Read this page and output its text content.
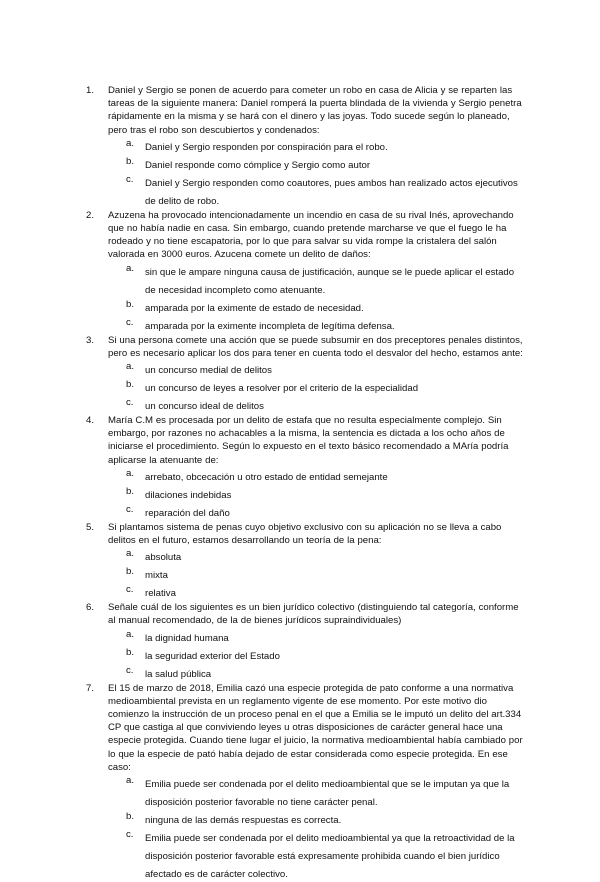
1.	Daniel y Sergio se ponen de acuerdo para cometer un robo en casa de Alicia y se reparten las tareas de la siguiente manera: Daniel romperá la puerta blindada de la vivienda y Sergio penetra rápidamente en la misma y se hará con el dinero y las joyas. Todo sucede según lo planeado, pero tras el robo son descubiertos y condenados:
a.	Daniel y Sergio responden por conspiración para el robo.
b.	Daniel responde como cómplice y Sergio como autor
c.	Daniel y Sergio responden como coautores, pues ambos han realizado actos ejecutivos de delito de robo.
2.	Azuzena ha provocado intencionadamente un incendio en casa de su rival Inés, aprovechando que no había nadie en casa. Sin embargo, cuando pretende marcharse ve que el fuego le ha rodeado y no tiene escapatoria, por lo que para salvar su vida rompe la cristalera del salón valorada en 3000 euros. Azucena comete un delito de daños:
a.	sin que le ampare ninguna causa de justificación, aunque se le puede aplicar el estado de necesidad incompleto como atenuante.
b.	amparada por la eximente de estado de necesidad.
c.	amparada por la eximente incompleta de legítima defensa.
3.	Si una persona comete una acción que se puede subsumir en dos preceptores penales distintos, pero es necesario aplicar los dos para tener en cuenta todo el desvalor del hecho, estamos ante:
a.	un concurso medial de delitos
b.	un concurso de leyes a resolver por el criterio de la especialidad
c.	un concurso ideal de delitos
4.	María C.M es procesada por un delito de estafa que no resulta especialmente complejo. Sin embargo, por razones no achacables a la misma, la sentencia es dictada a los ocho años de iniciarse el procedimiento. Según lo expuesto en el texto básico recomendado a MAría podría aplicarse la atenuante de:
a.	arrebato, obcecación u otro estado de entidad semejante
b.	dilaciones indebidas
c.	reparación del daño
5.	Si plantamos sistema de penas cuyo objetivo exclusivo con su aplicación no se lleva a cabo delitos en el futuro, estamos desarrollando un teoría de la pena:
a.	absoluta
b.	mixta
c.	relativa
6.	Señale cuál de los siguientes es un bien jurídico colectivo (distinguiendo tal categoría, conforme al manual recomendado, de la de bienes jurídicos supraindividuales)
a.	la dignidad humana
b.	la seguridad exterior del Estado
c.	la salud pública
7.	El 15 de marzo de 2018, Emilia cazó una especie protegida de pato conforme a una normativa medioambiental prevista en un reglamento vigente de ese momento. Por este motivo dio comienzo la instrucción de un proceso penal en el que a Emilia se le imputó un delito del art.334 CP que castiga al que conviviendo leyes u otras disposiciones de carácter general hace una especie protegida. Cuando tiene lugar el juicio, la normativa medioambiental había cambiado por lo que la especie de pató había dejado de estar considerada como especie protegida. En ese caso:
a.	Emilia puede ser condenada por el delito medioambiental que se le imputan ya que la disposición posterior favorable no tiene carácter penal.
b.	ninguna de las demás respuestas es correcta.
c.	Emilia puede ser condenada por el delito medioambiental ya que la retroactividad de la disposición posterior favorable está expresamente prohibida cuando el bien jurídico afectado es de carácter colectivo.
